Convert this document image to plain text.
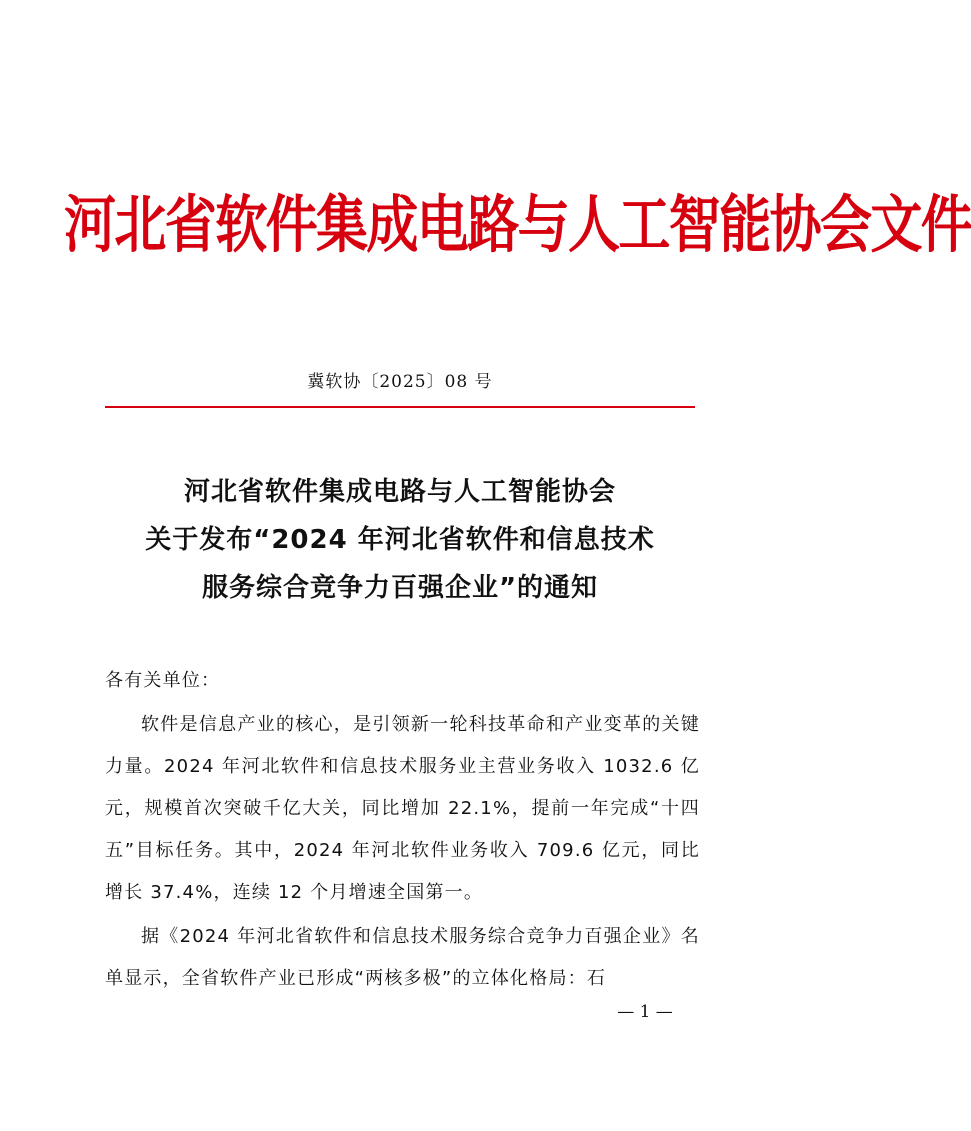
河北省软件集成电路与人工智能协会文件
冀软协〔2025〕08 号
河北省软件集成电路与人工智能协会
关于发布“2024 年河北省软件和信息技术
服务综合竞争力百强企业”的通知

各有关单位：

软件是信息产业的核心，是引领新一轮科技革命和产业变革的关键力量。2024 年河北软件和信息技术服务业主营业务收入 1032.6 亿元，规模首次突破千亿大关，同比增加 22.1%，提前一年完成“十四五”目标任务。其中，2024 年河北软件业务收入 709.6 亿元，同比增长 37.4%，连续 12 个月增速全国第一。

据《2024 年河北省软件和信息技术服务综合竞争力百强企业》名单显示，全省软件产业已形成“两核多极”的立体化格局：石

— 1 —
